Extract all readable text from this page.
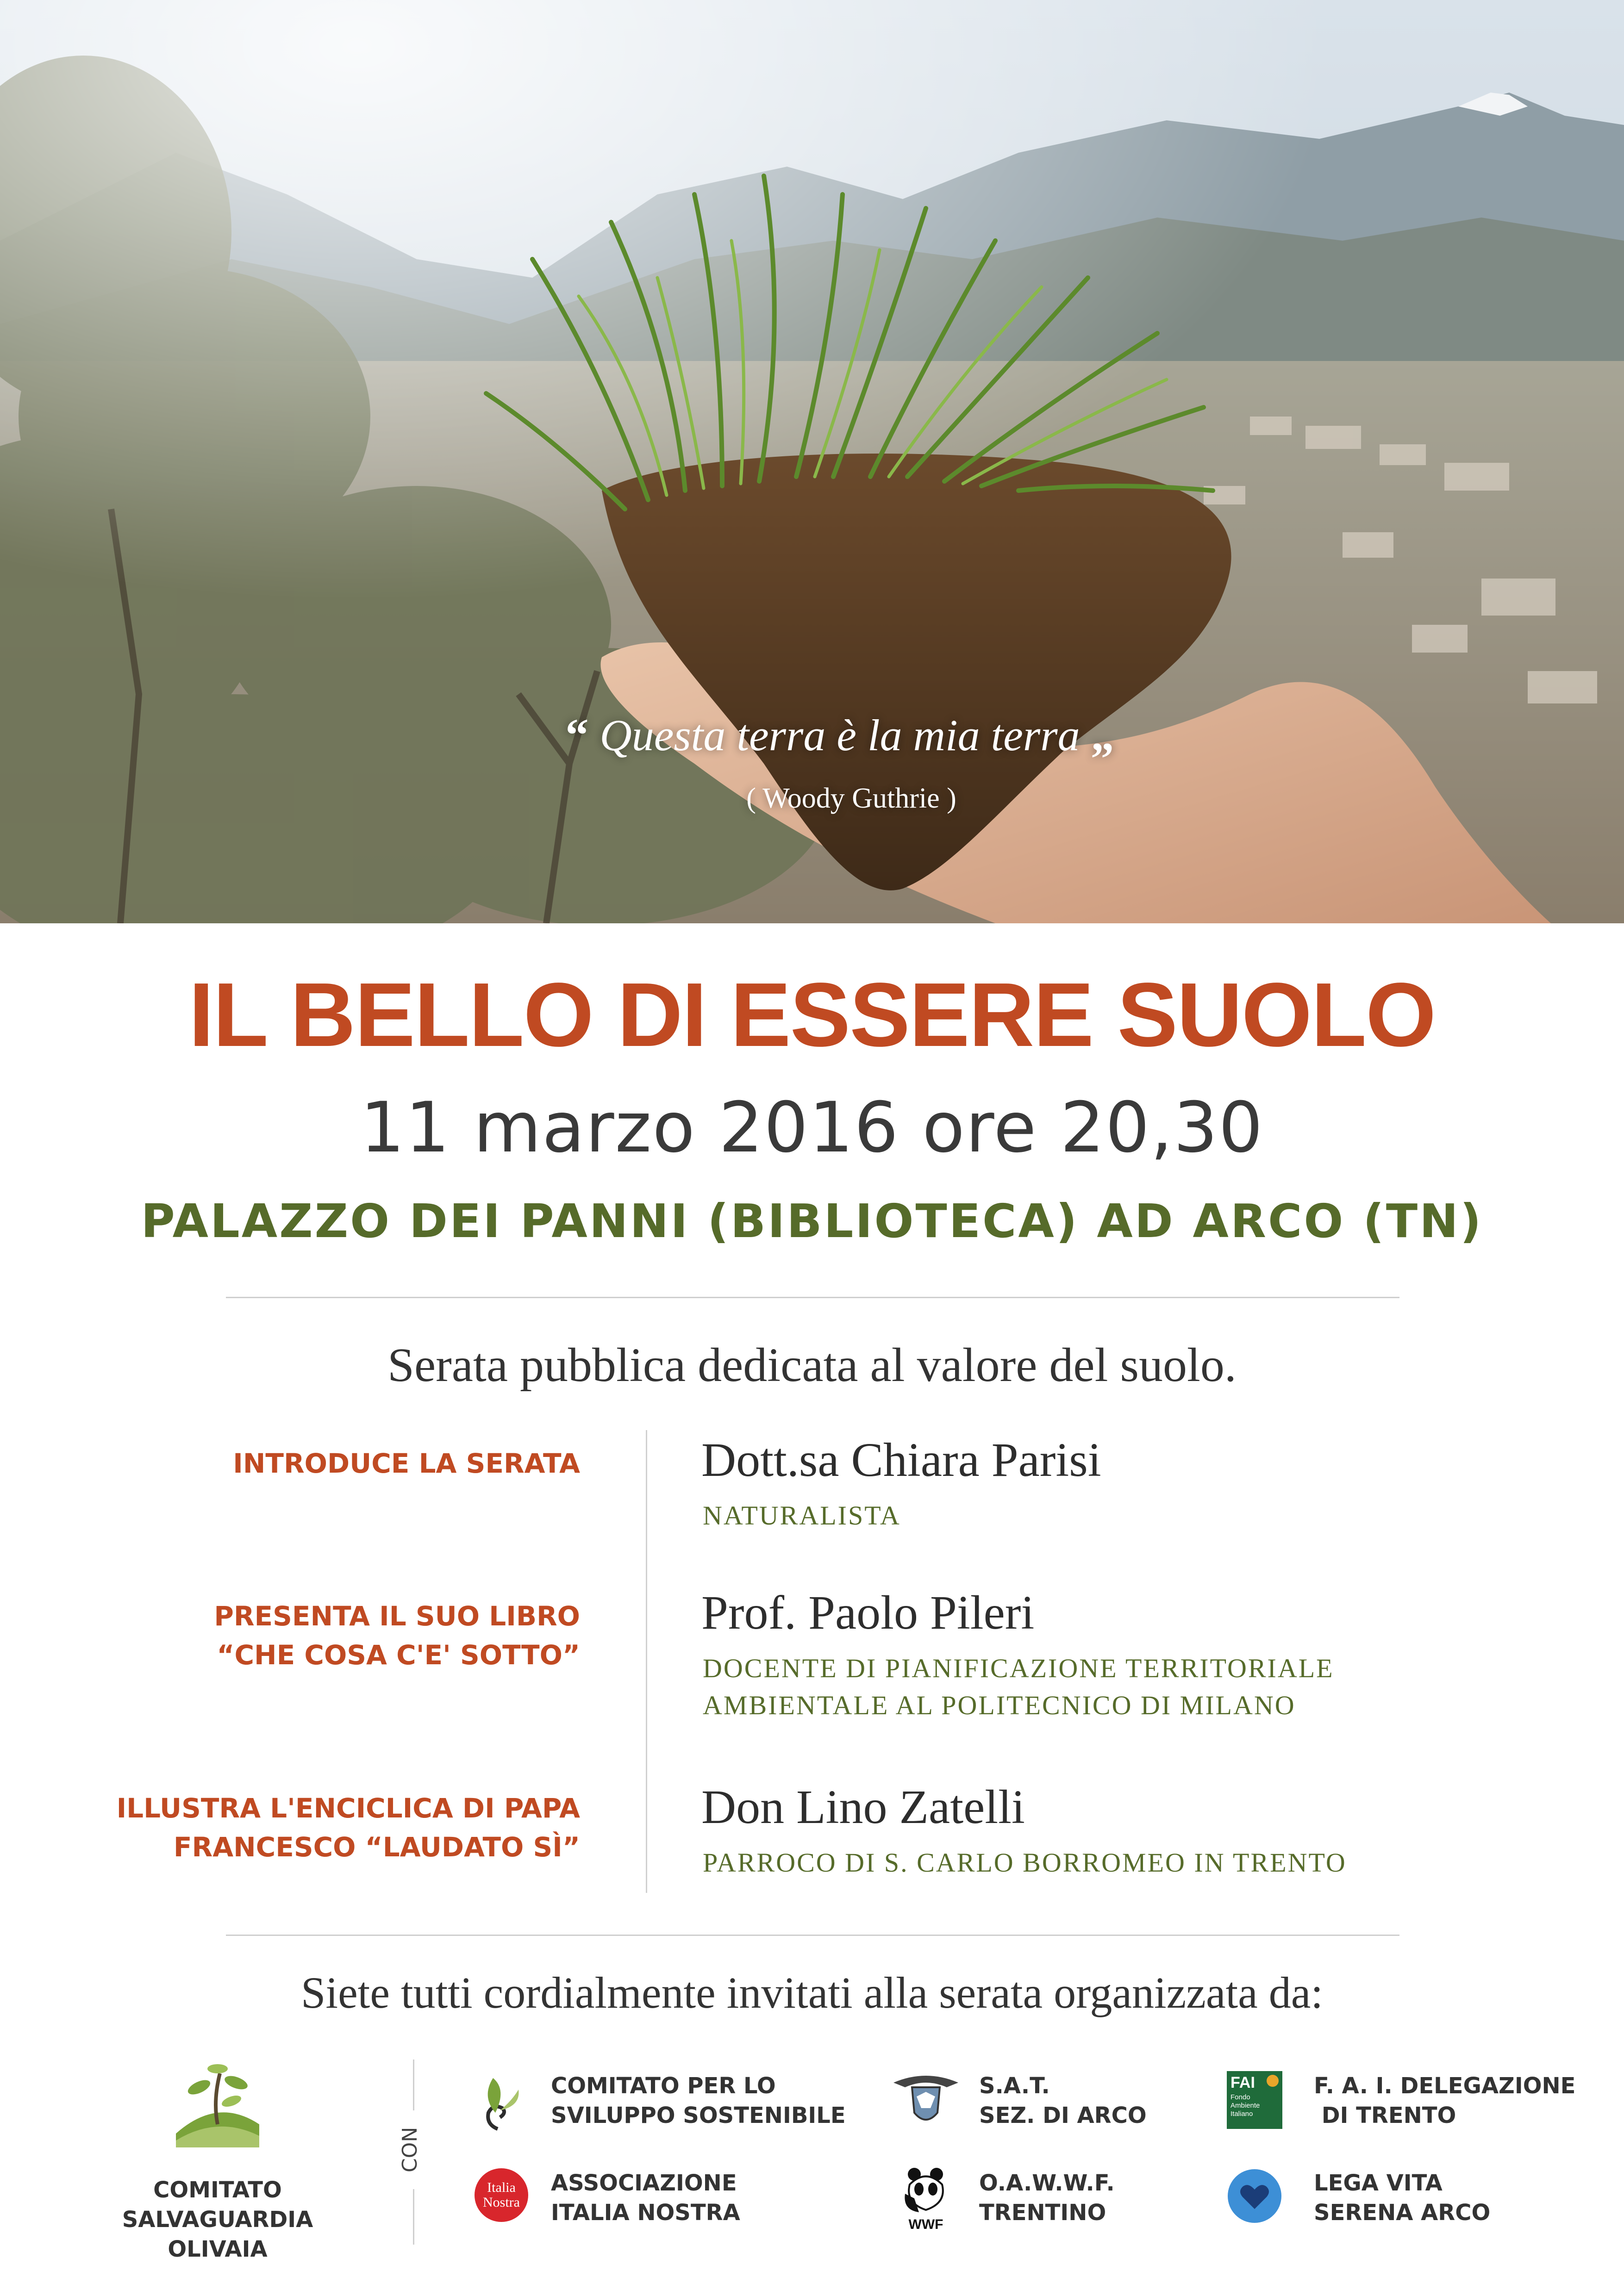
“ Questa terra è la mia terra „
( Woody Guthrie )
IL BELLO DI ESSERE SUOLO
11 marzo 2016 ore 20,30
PALAZZO DEI PANNI (BIBLIOTECA) AD ARCO (TN)
Serata pubblica dedicata al valore del suolo.
INTRODUCE LA SERATA	Dott.sa Chiara Parisi
NATURALISTA
PRESENTA IL SUO LIBRO
“CHE COSA C'E' SOTTO”
Prof. Paolo Pileri
DOCENTE DI PIANIFICAZIONE TERRITORIALE
AMBIENTALE AL POLITECNICO DI MILANO
ILLUSTRA L'ENCICLICA DI PAPA
FRANCESCO “LAUDATO SÌ”
Don Lino Zatelli
PARROCO DI S. CARLO BORROMEO IN TRENTO
Siete tutti cordialmente invitati alla serata organizzata da:
COMITATO
SALVAGUARDIA OLIVAIA
CON
COMITATO PER LO
SVILUPPO SOSTENIBILE
S.A.T.
SEZ. DI ARCO
FAI
Fondo
Ambiente
Italiano
F. A. I. DELEGAZIONE
DI TRENTO
Italia
Nostra
ASSOCIAZIONE
ITALIA NOSTRA	WWF
O.A.W.W.F.
TRENTINO
LEGA VITA
SERENA ARCO
